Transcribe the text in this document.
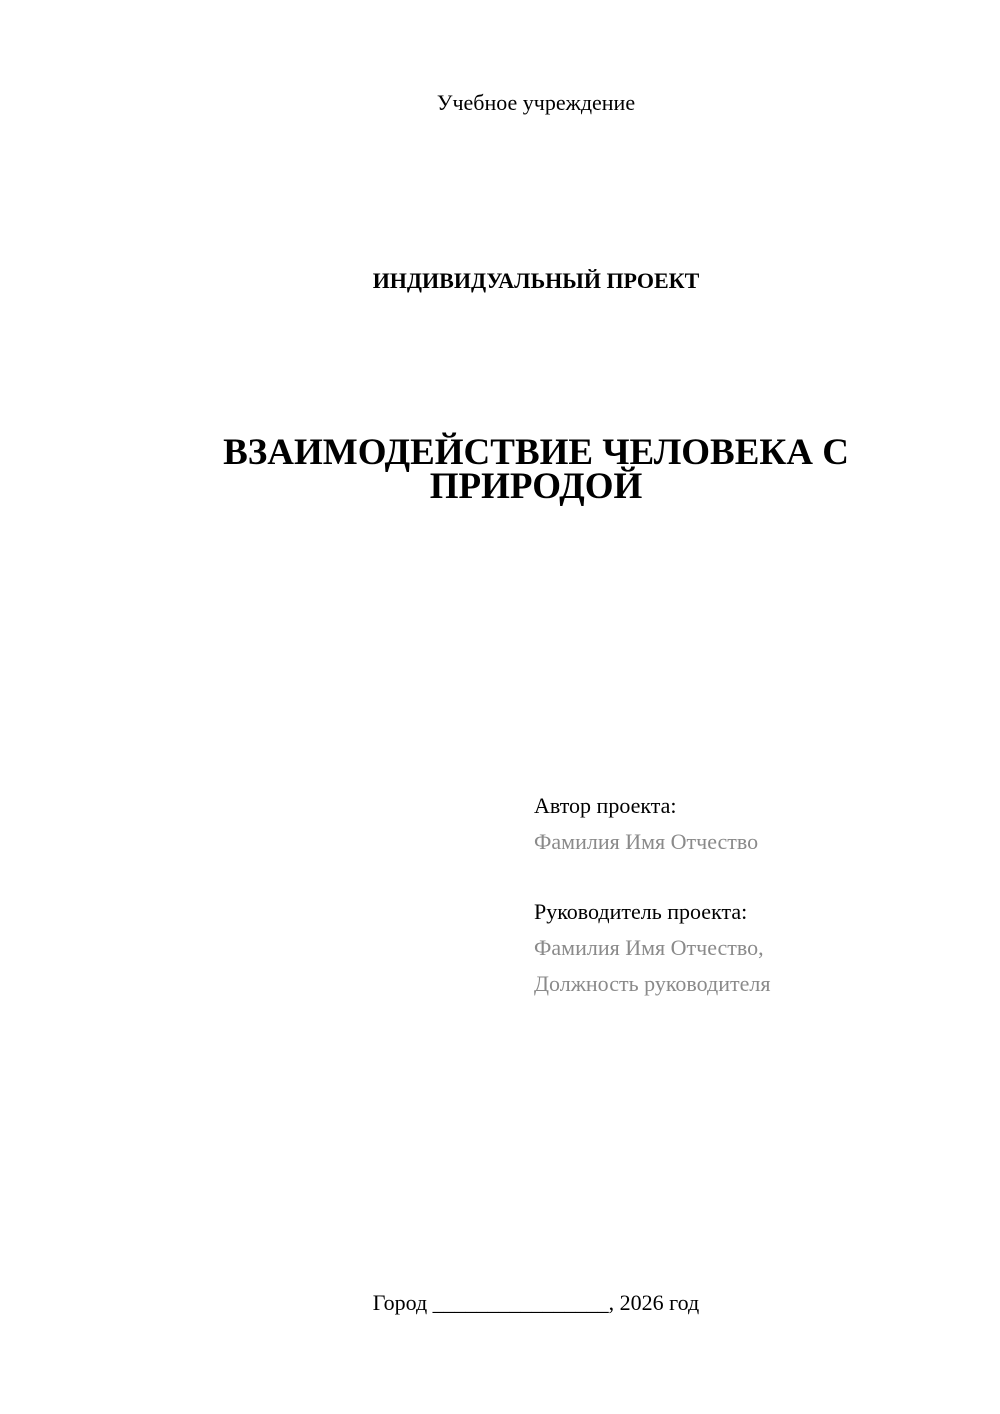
Учебное учреждение
ИНДИВИДУАЛЬНЫЙ ПРОЕКТ
ВЗАИМОДЕЙСТВИЕ ЧЕЛОВЕКА С
ПРИРОДОЙ
Автор проекта:
Фамилия Имя Отчество
Руководитель проекта:
Фамилия Имя Отчество,
Должность руководителя
Город ________________, 2026 год
